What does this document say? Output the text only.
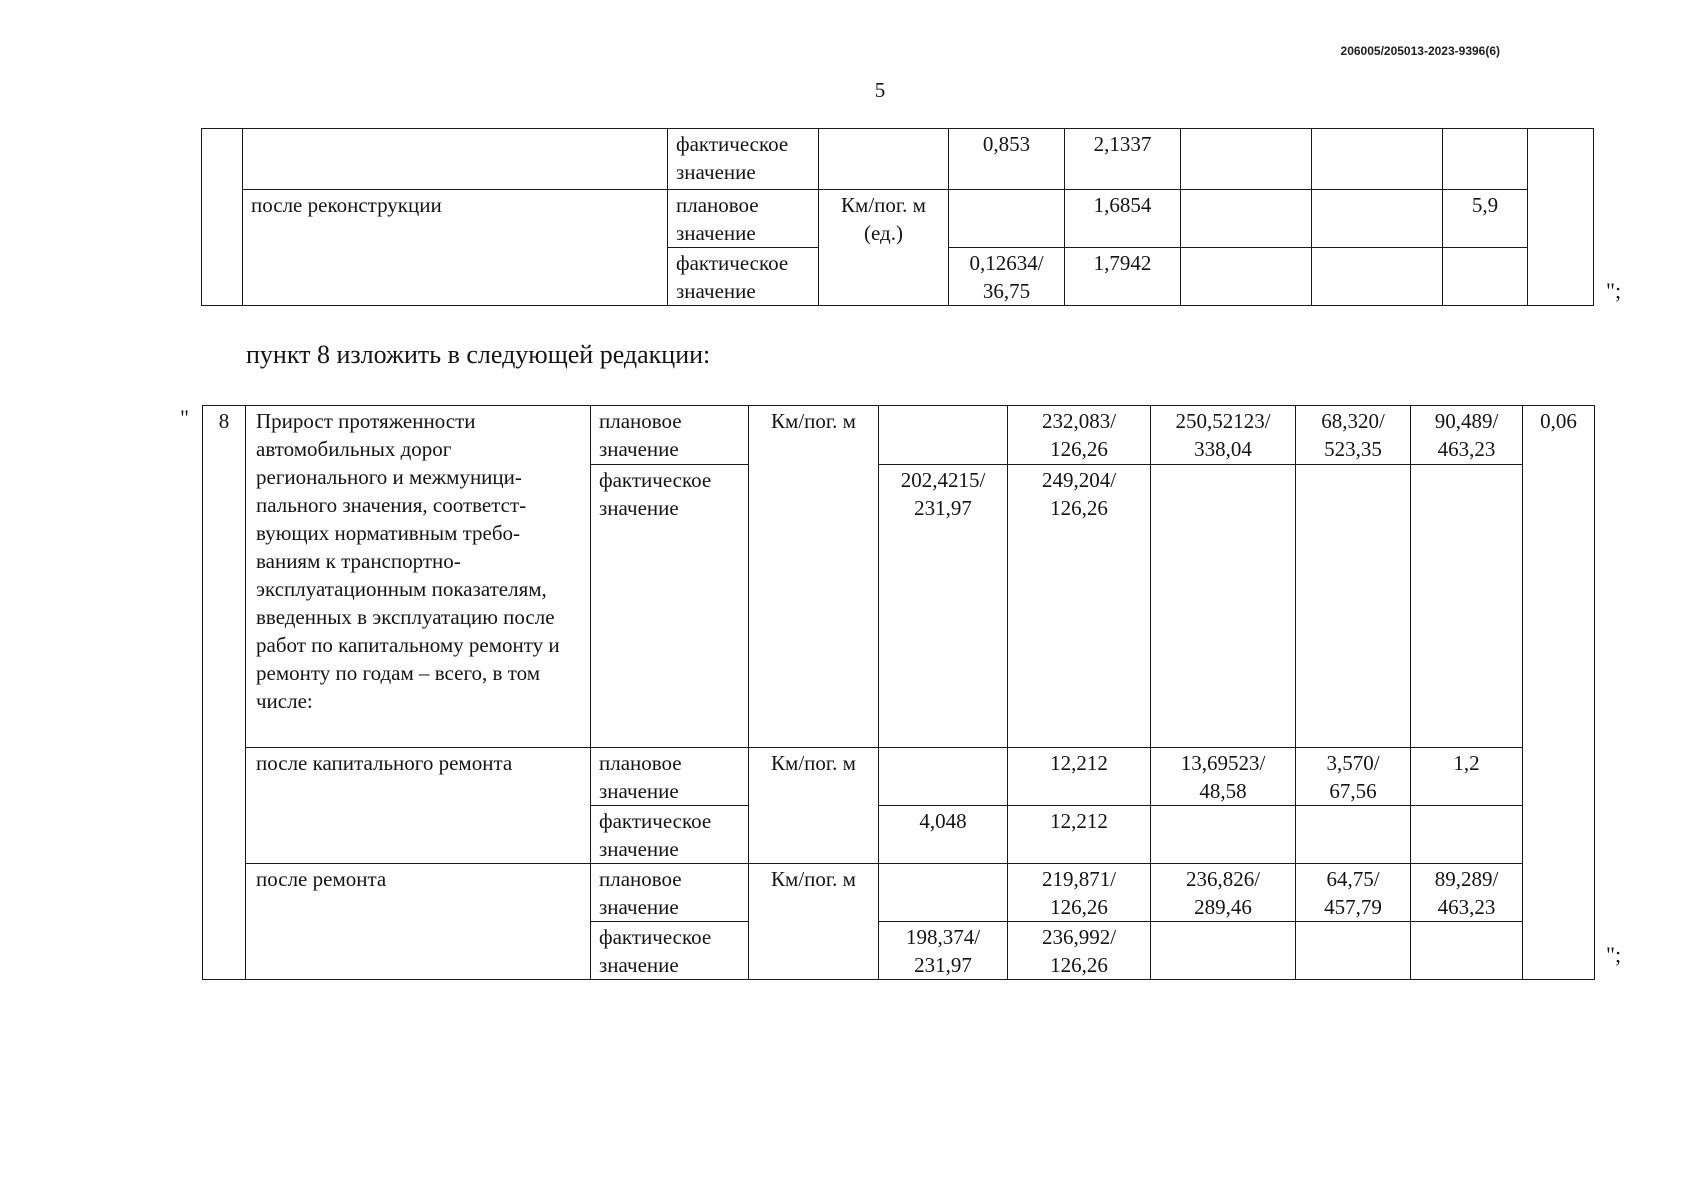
206005/205013-2023-9396(6)
5
		фактическое значение		0,853	2,1337				
	после реконструкции	плановое значение	Км/пог. м (ед.)		1,6854			5,9	
		фактическое значение		0,12634/ 36,75	1,7942				
";
пункт 8 изложить в следующей редакции:
" 8	Прирост протяженности автомобильных дорог регионального и межмуници-пального значения, соответст-вующих нормативным требо-ваниям к транспортно-эксплуатационным показателям, введенных в эксплуатацию после работ по капитальному ремонту и ремонту по годам – всего, в том числе:	плановое значение	Км/пог. м		232,083/ 126,26	250,52123/ 338,04	68,320/ 523,35	90,489/ 463,23	0,06
		фактическое значение		202,4215/ 231,97	249,204/ 126,26				
	после капитального ремонта	плановое значение	Км/пог. м		12,212	13,69523/ 48,58	3,570/ 67,56	1,2	
		фактическое значение		4,048	12,212				
	после ремонта	плановое значение	Км/пог. м		219,871/ 126,26	236,826/ 289,46	64,75/ 457,79	89,289/ 463,23	
		фактическое значение		198,374/ 231,97	236,992/ 126,26					";
